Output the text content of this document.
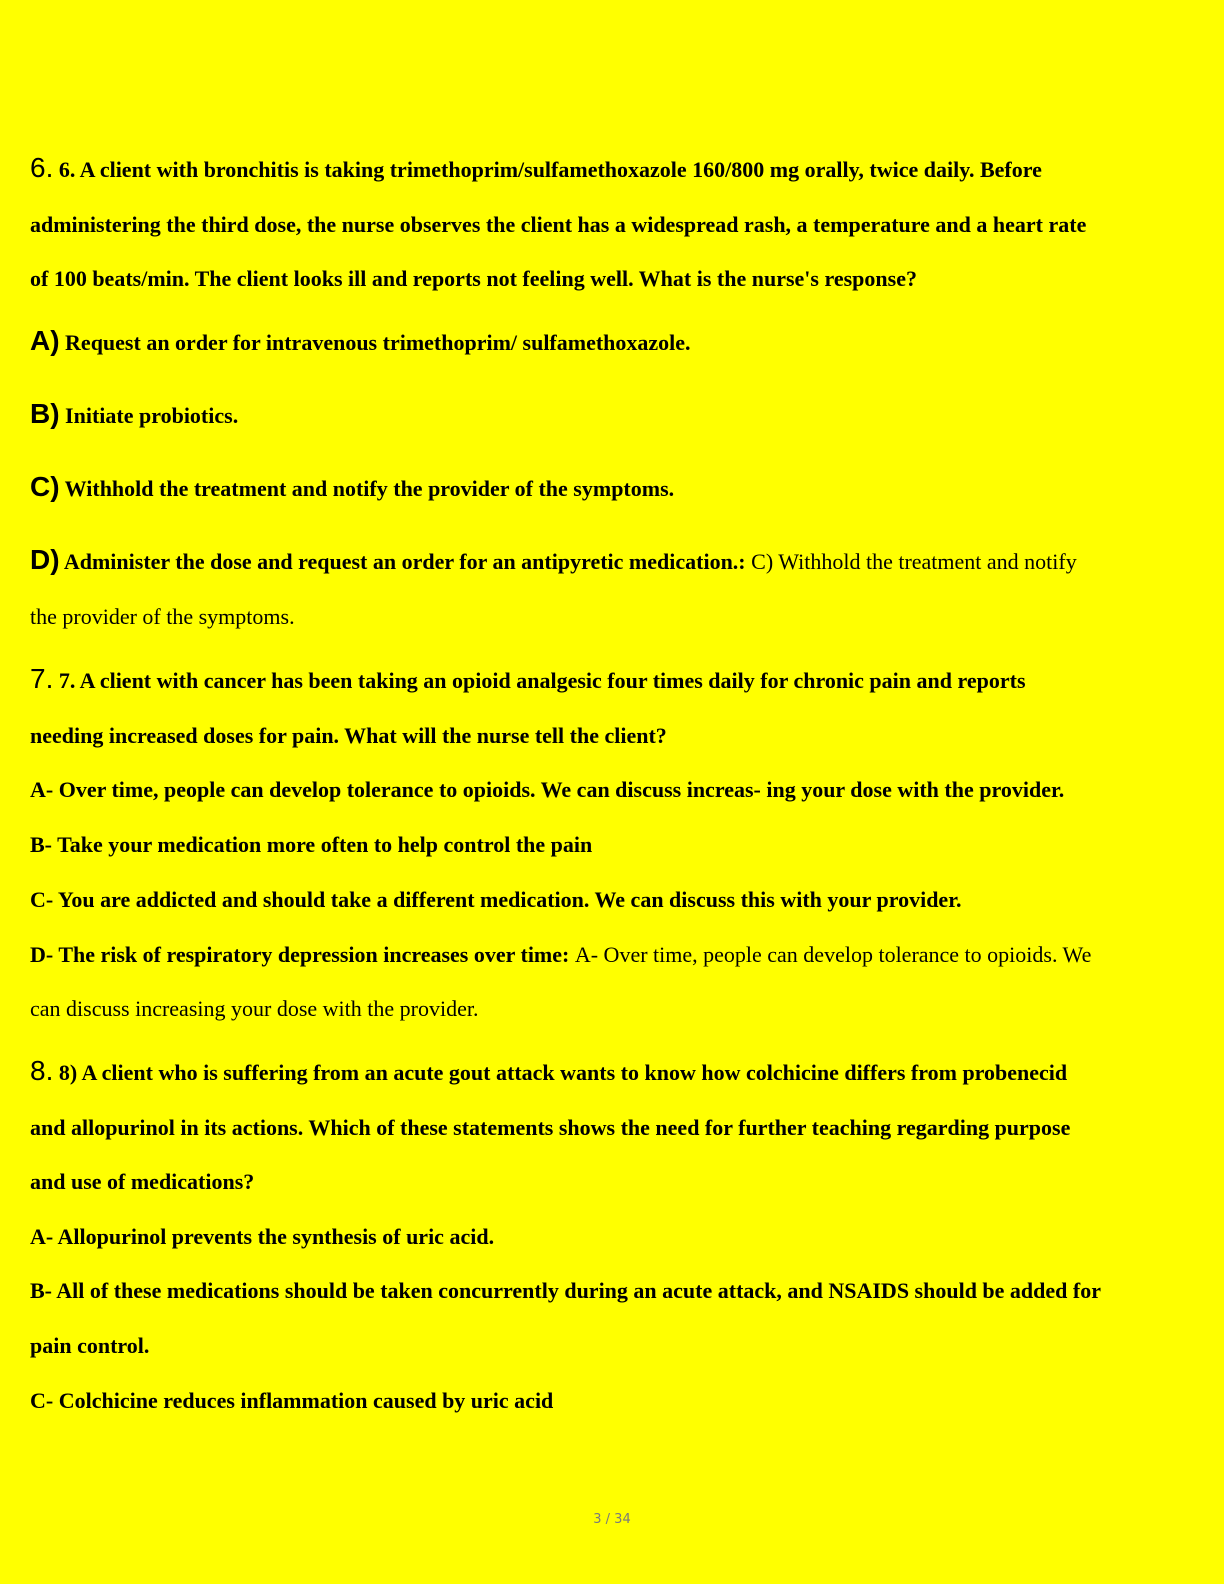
6. 6. A client with bronchitis is taking trimethoprim/sulfamethoxazole 160/800 mg orally, twice daily. Before
administering the third dose, the nurse observes the client has a widespread rash, a temperature and a heart rate
of 100 beats/min. The client looks ill and reports not feeling well. What is the nurse's response?
A) Request an order for intravenous trimethoprim/ sulfamethoxazole.
B) Initiate probiotics.
C) Withhold the treatment and notify the provider of the symptoms.
D) Administer the dose and request an order for an antipyretic medication.: C) Withhold the treatment and notify
the provider of the symptoms.
7. 7. A client with cancer has been taking an opioid analgesic four times daily for chronic pain and reports
needing increased doses for pain. What will the nurse tell the client?
A- Over time, people can develop tolerance to opioids. We can discuss increas- ing your dose with the provider.
B- Take your medication more often to help control the pain
C- You are addicted and should take a different medication. We can discuss this with your provider.
D- The risk of respiratory depression increases over time: A- Over time, people can develop tolerance to opioids. We
can discuss increasing your dose with the provider.
8. 8) A client who is suffering from an acute gout attack wants to know how colchicine differs from probenecid
and allopurinol in its actions. Which of these statements shows the need for further teaching regarding purpose
and use of medications?
A- Allopurinol prevents the synthesis of uric acid.
B- All of these medications should be taken concurrently during an acute attack, and NSAIDS should be added for
pain control.
C- Colchicine reduces inflammation caused by uric acid
3 / 34
